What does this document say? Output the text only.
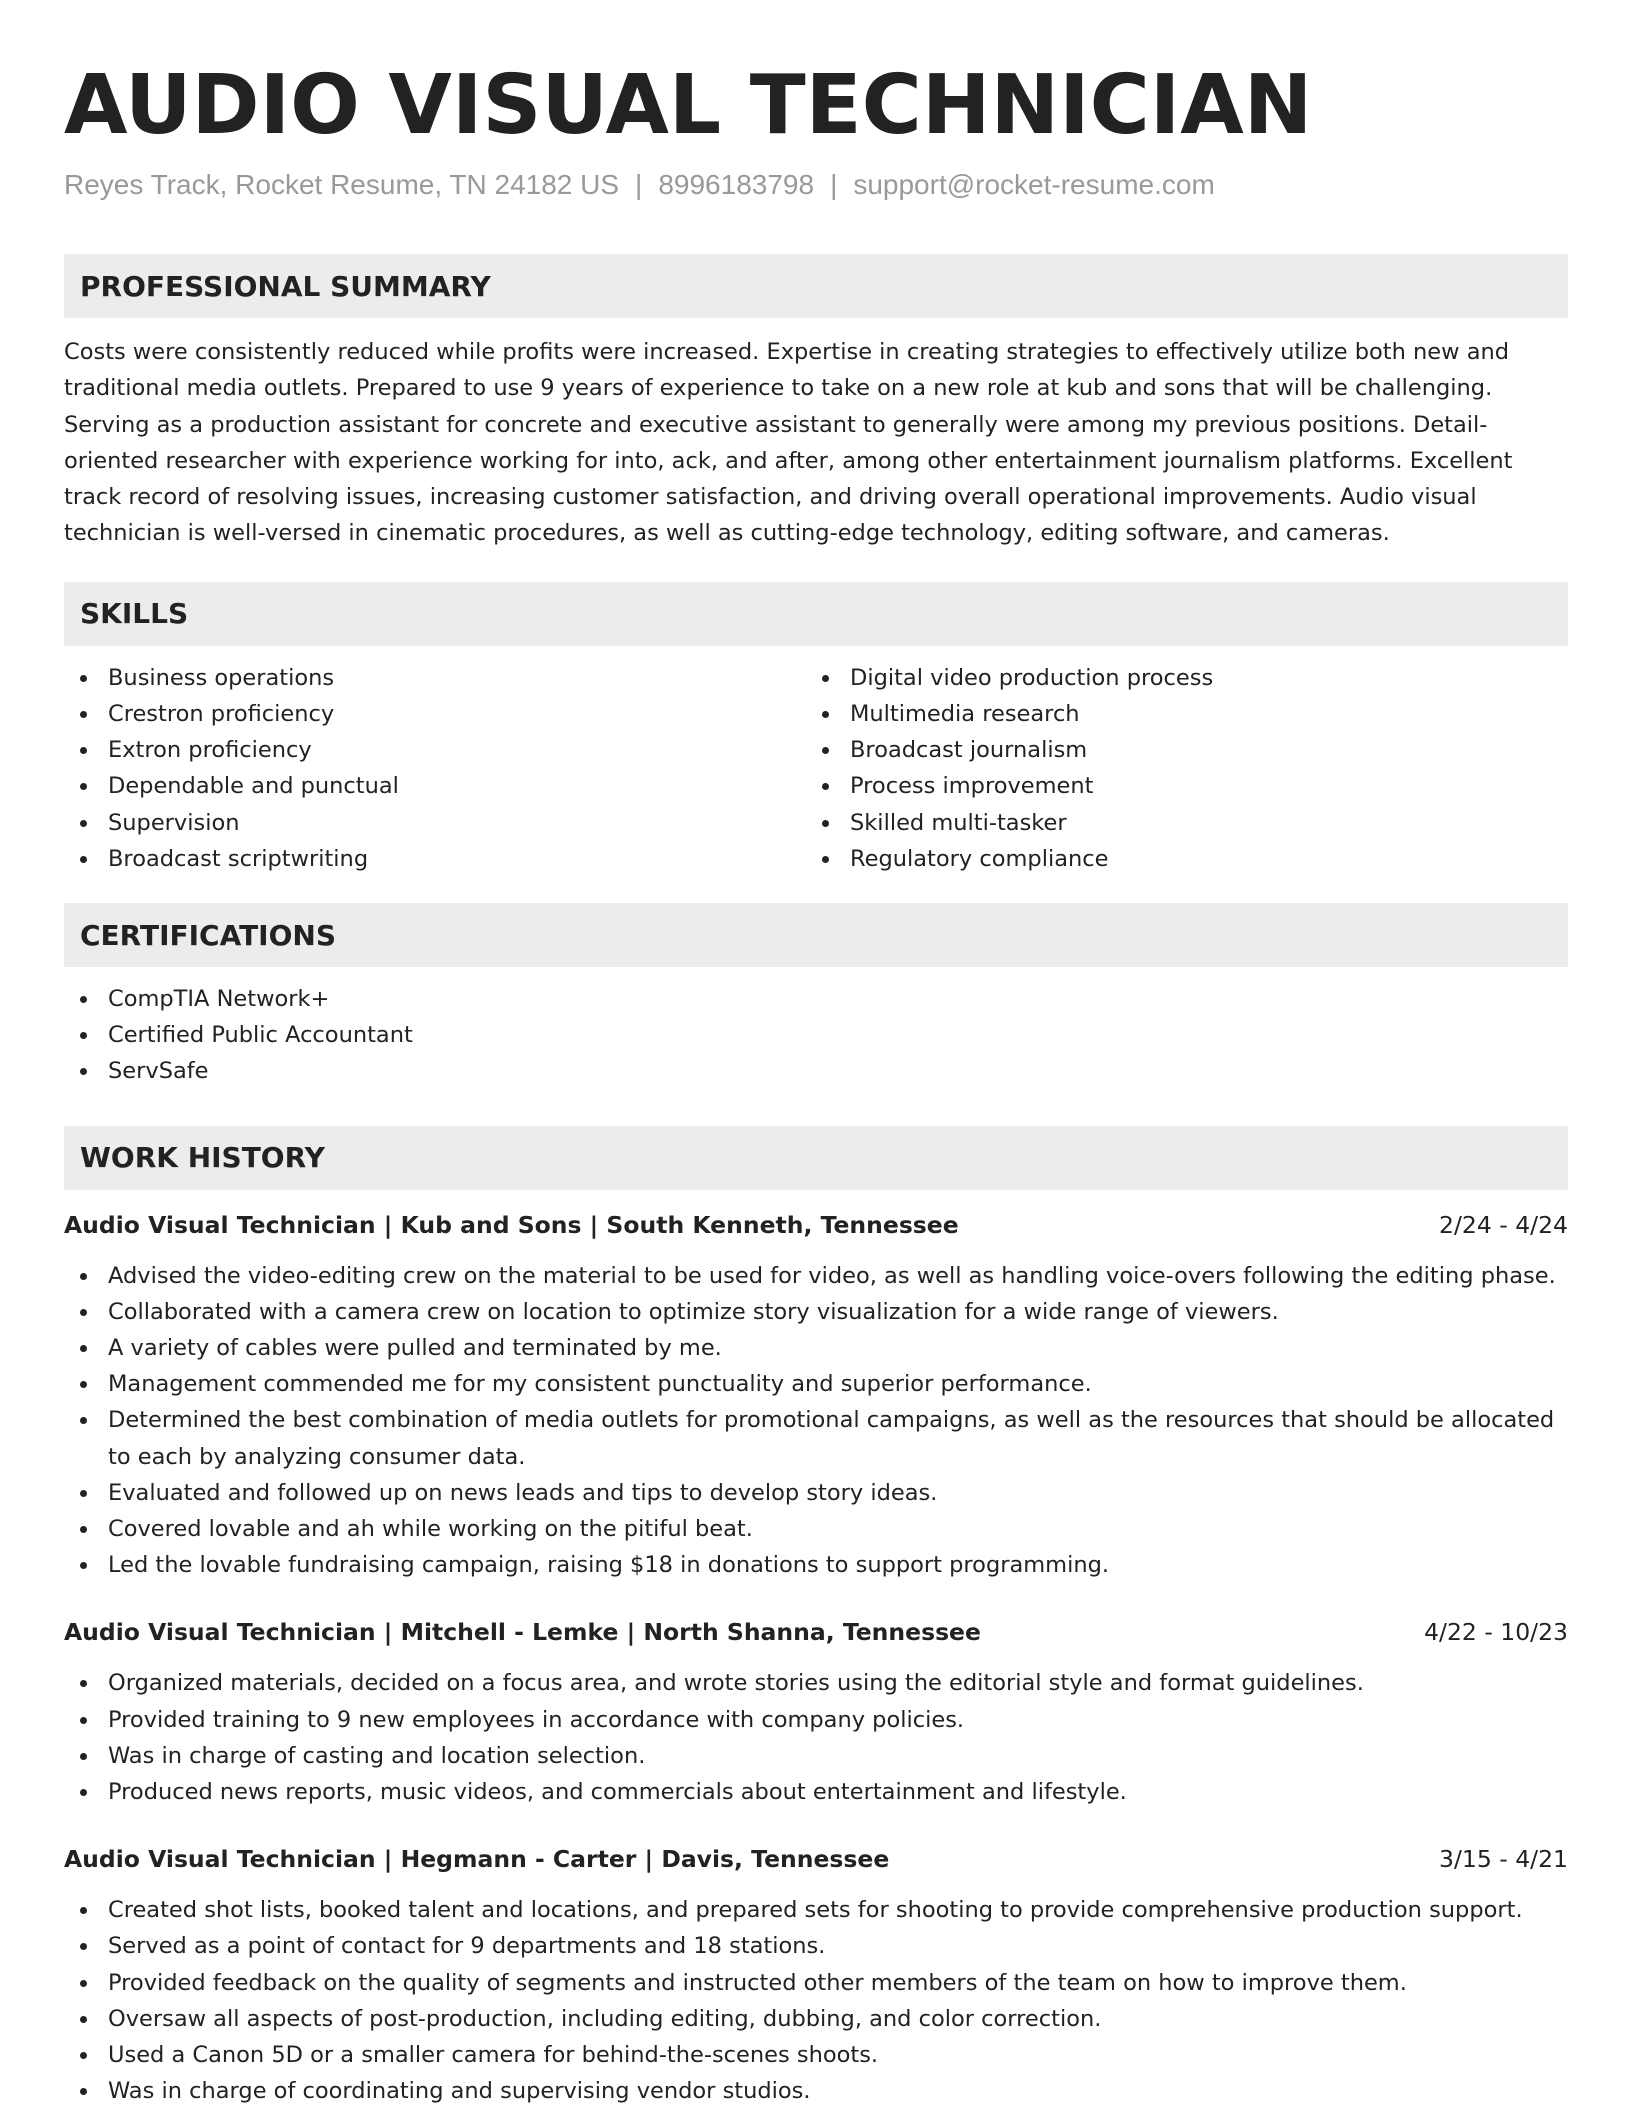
AUDIO VISUAL TECHNICIAN
Reyes Track, Rocket Resume, TN 24182 US | 8996183798 | support@rocket-resume.com
PROFESSIONAL SUMMARY

Costs were consistently reduced while profits were increased. Expertise in creating strategies to effectively utilize both new and traditional media outlets. Prepared to use 9 years of experience to take on a new role at kub and sons that will be challenging. Serving as a production assistant for concrete and executive assistant to generally were among my previous positions. Detail-oriented researcher with experience working for into, ack, and after, among other entertainment journalism platforms. Excellent track record of resolving issues, increasing customer satisfaction, and driving overall operational improvements. Audio visual technician is well-versed in cinematic procedures, as well as cutting-edge technology, editing software, and cameras.

SKILLS
Business operations
Crestron proficiency
Extron proficiency
Dependable and punctual
Supervision
Broadcast scriptwriting
Digital video production process
Multimedia research
Broadcast journalism
Process improvement
Skilled multi-tasker
Regulatory compliance
CERTIFICATIONS
CompTIA Network+
Certified Public Accountant
ServSafe
WORK HISTORY
Audio Visual Technician | Kub and Sons | South Kenneth, Tennessee	2/24 - 4/24
Advised the video-editing crew on the material to be used for video, as well as handling voice-overs following the editing phase.
Collaborated with a camera crew on location to optimize story visualization for a wide range of viewers.
A variety of cables were pulled and terminated by me.
Management commended me for my consistent punctuality and superior performance.
Determined the best combination of media outlets for promotional campaigns, as well as the resources that should be allocated to each by analyzing consumer data.
Evaluated and followed up on news leads and tips to develop story ideas.
Covered lovable and ah while working on the pitiful beat.
Led the lovable fundraising campaign, raising $18 in donations to support programming.
Audio Visual Technician | Mitchell - Lemke | North Shanna, Tennessee	4/22 - 10/23
Organized materials, decided on a focus area, and wrote stories using the editorial style and format guidelines.
Provided training to 9 new employees in accordance with company policies.
Was in charge of casting and location selection.
Produced news reports, music videos, and commercials about entertainment and lifestyle.
Audio Visual Technician | Hegmann - Carter | Davis, Tennessee	3/15 - 4/21
Created shot lists, booked talent and locations, and prepared sets for shooting to provide comprehensive production support.
Served as a point of contact for 9 departments and 18 stations.
Provided feedback on the quality of segments and instructed other members of the team on how to improve them.
Oversaw all aspects of post-production, including editing, dubbing, and color correction.
Used a Canon 5D or a smaller camera for behind-the-scenes shoots.
Was in charge of coordinating and supervising vendor studios.
